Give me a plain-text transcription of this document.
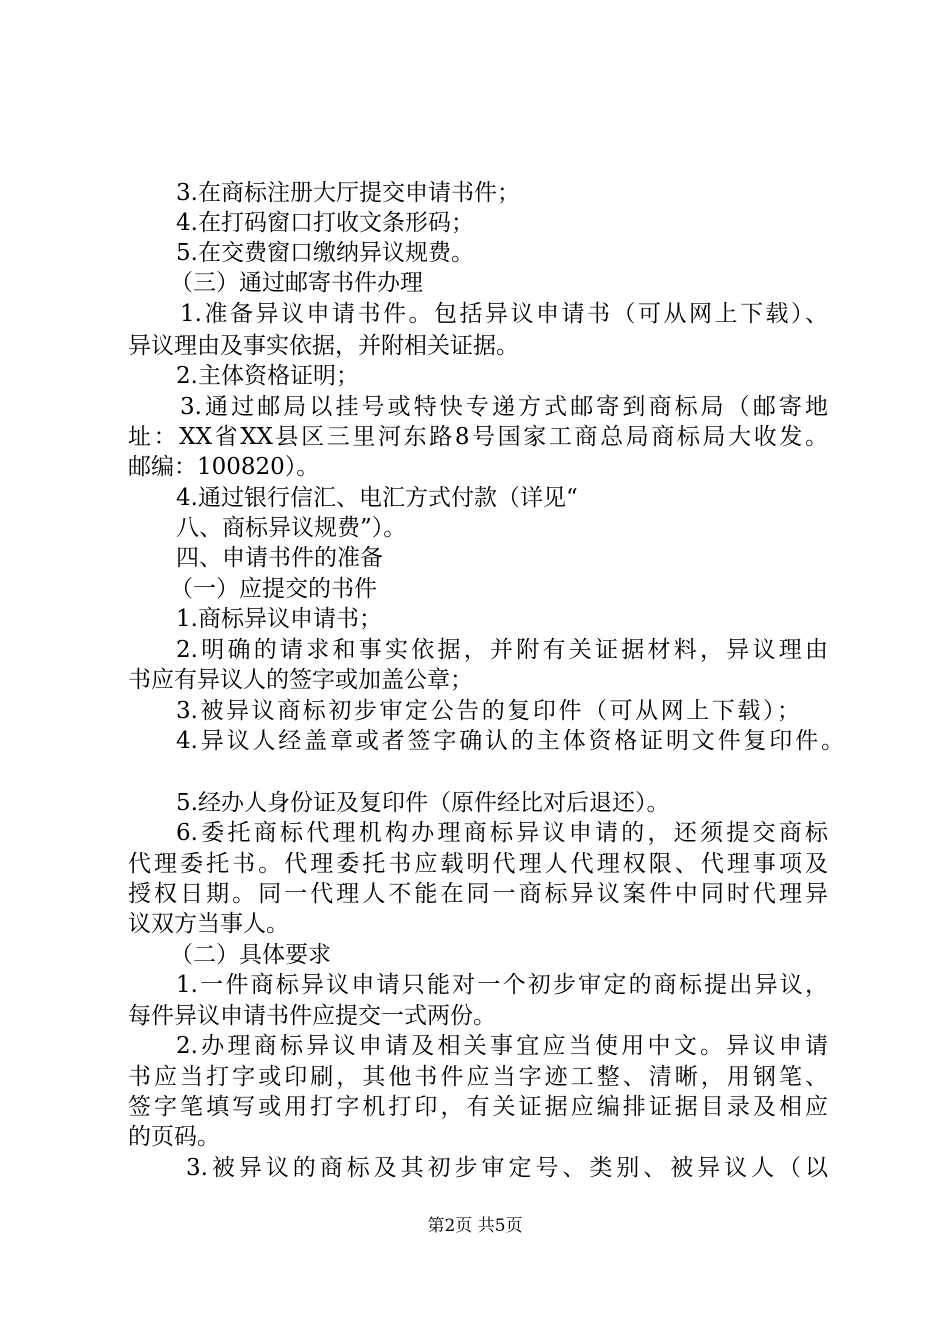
3.在商标注册大厅提交申请书件；
4.在打码窗口打收文条形码；
5.在交费窗口缴纳异议规费。
（三）通过邮寄书件办理
1.准备异议申请书件。包括异议申请书（可从网上下载）、
异议理由及事实依据，并附相关证据。
2.主体资格证明；
3.通过邮局以挂号或特快专递方式邮寄到商标局（邮寄地
址：XX省XX县区三里河东路8号国家工商总局商标局大收发。
邮编：100820）。
4.通过银行信汇、电汇方式付款（详见“
八、商标异议规费”）。
四、申请书件的准备
（一）应提交的书件
1.商标异议申请书；
2.明确的请求和事实依据，并附有关证据材料，异议理由
书应有异议人的签字或加盖公章；
3.被异议商标初步审定公告的复印件（可从网上下载）；
4.异议人经盖章或者签字确认的主体资格证明文件复印件。
5.经办人身份证及复印件（原件经比对后退还）。
6.委托商标代理机构办理商标异议申请的，还须提交商标
代理委托书。代理委托书应载明代理人代理权限、代理事项及
授权日期。同一代理人不能在同一商标异议案件中同时代理异
议双方当事人。
（二）具体要求
1.一件商标异议申请只能对一个初步审定的商标提出异议，
每件异议申请书件应提交一式两份。
2.办理商标异议申请及相关事宜应当使用中文。异议申请
书应当打字或印刷，其他书件应当字迹工整、清晰，用钢笔、
签字笔填写或用打字机打印，有关证据应编排证据目录及相应
的页码。
3.被异议的商标及其初步审定号、类别、被异议人（以
第2页 共5页
